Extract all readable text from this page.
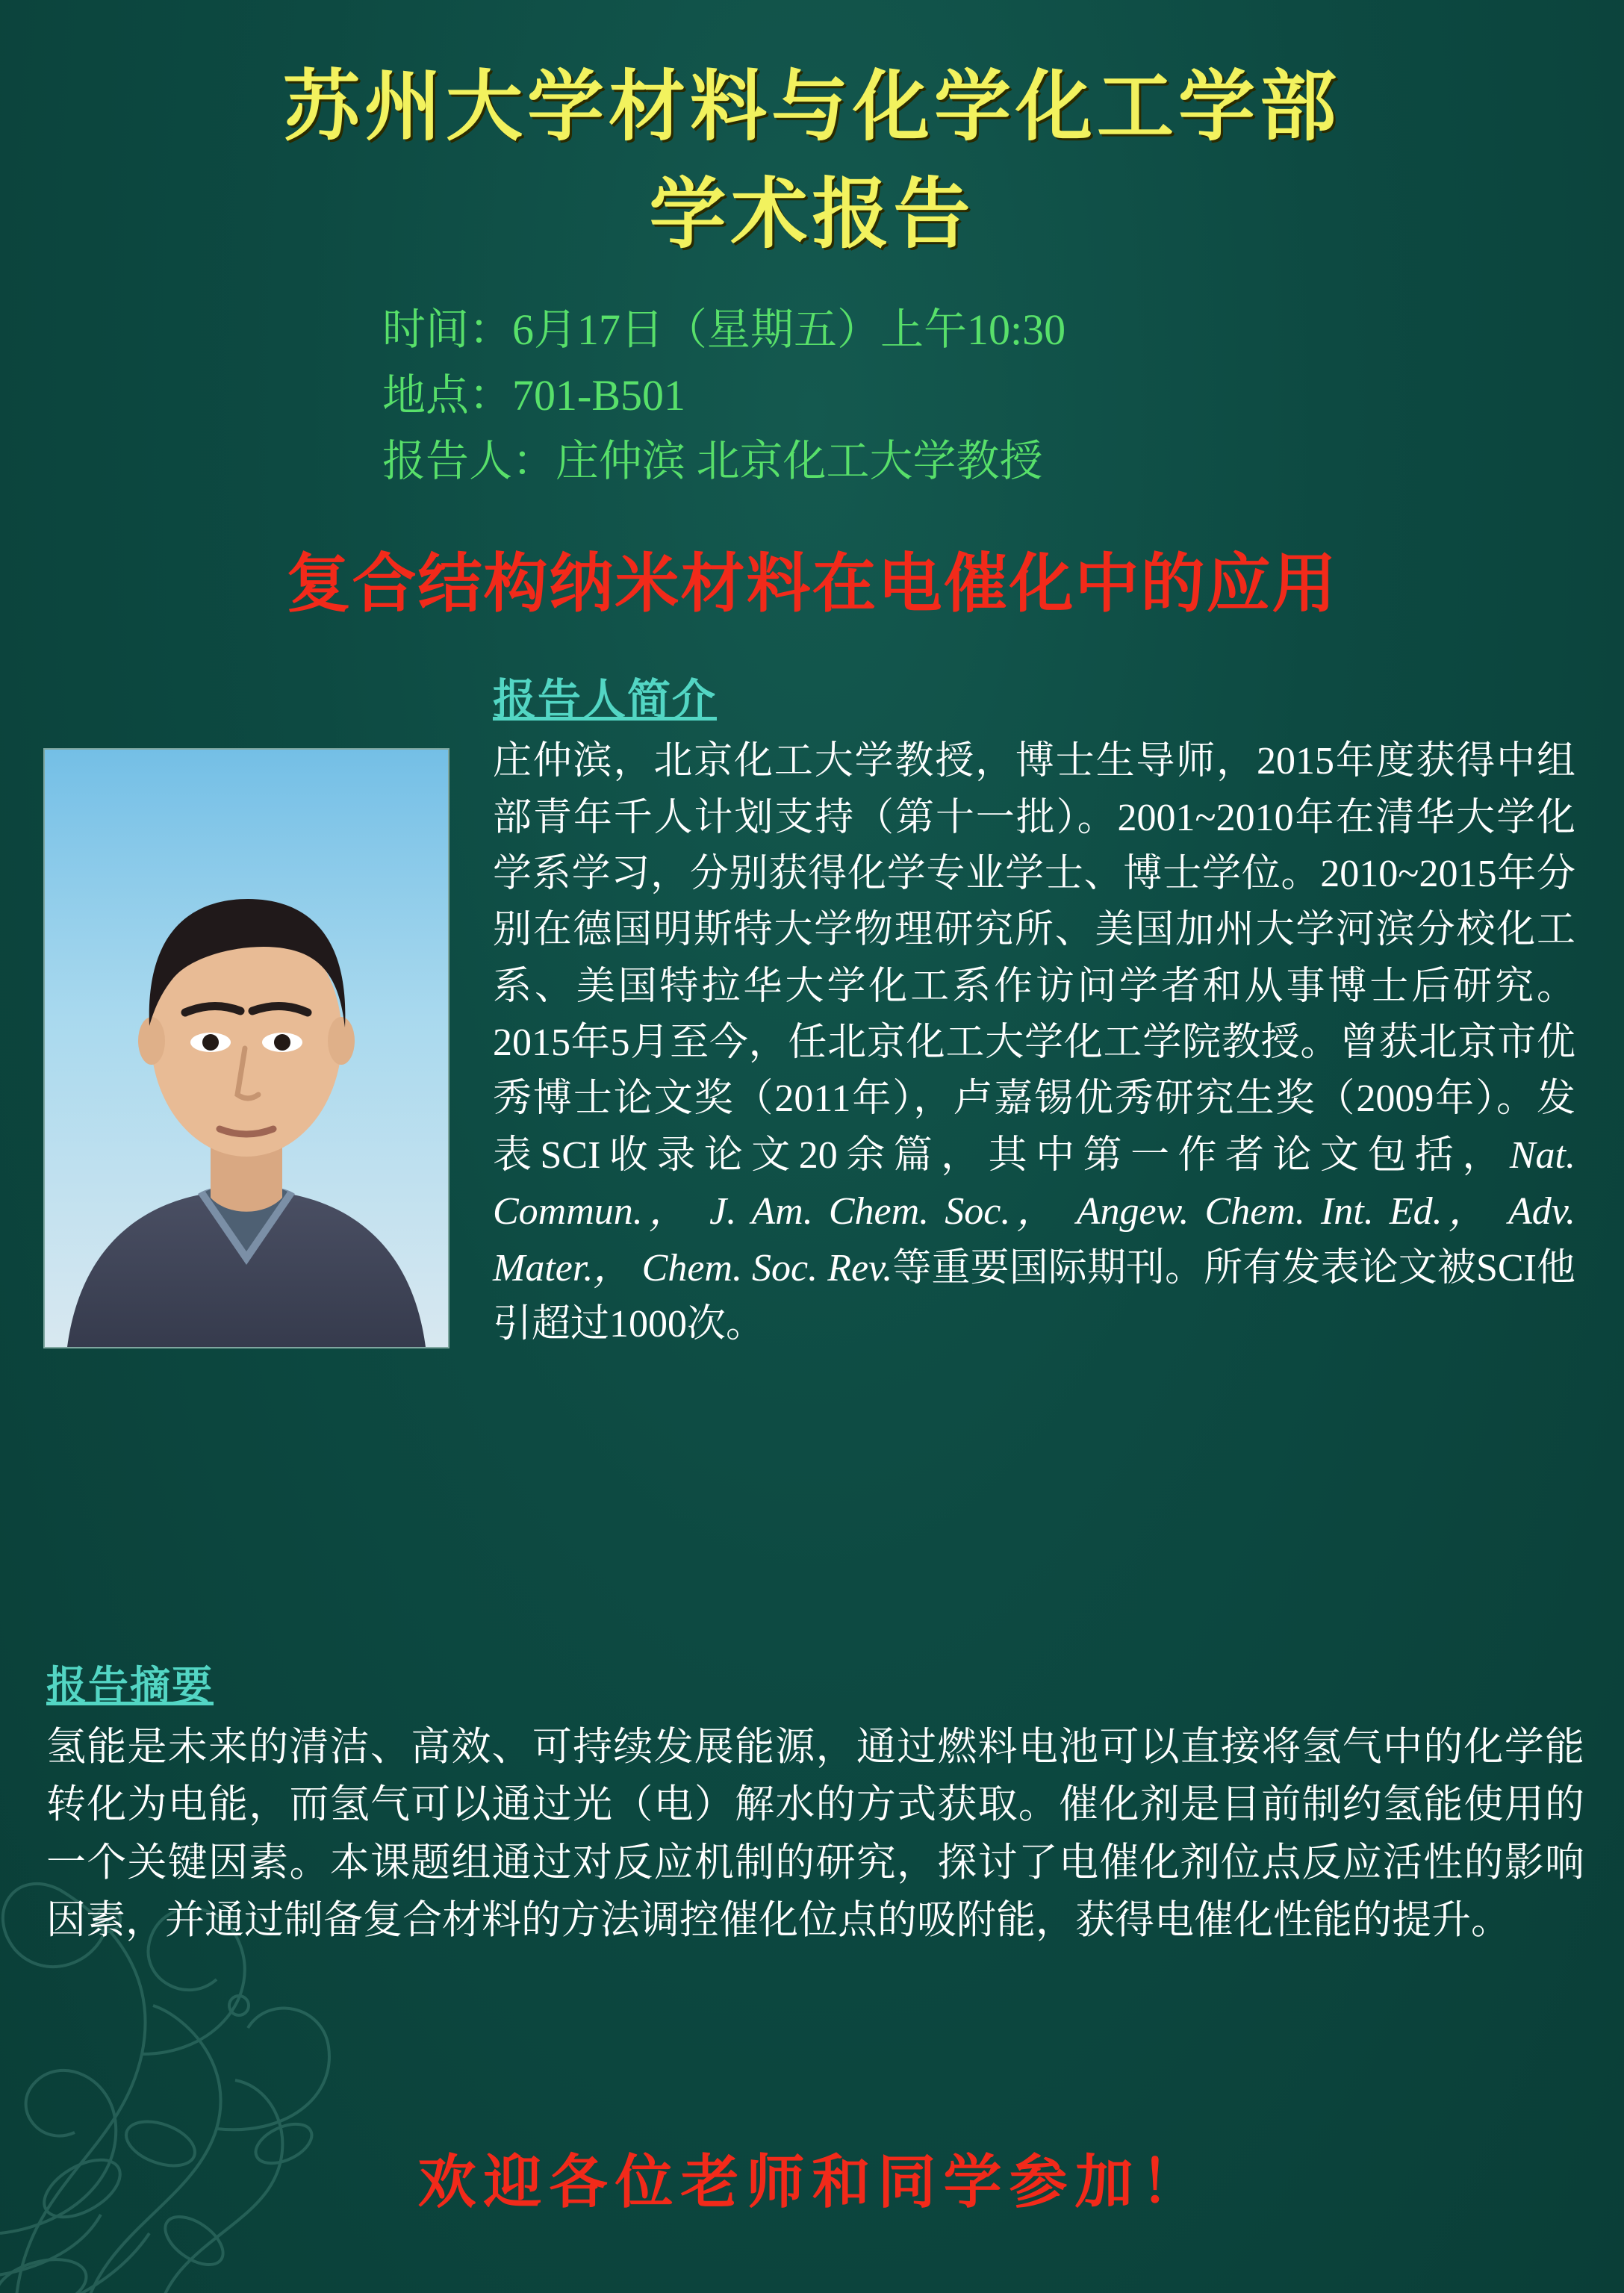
苏州大学材料与化学化工学部
学术报告
时间：6月17日（星期五）上午10:30
地点：701-B501
报告人：庄仲滨 北京化工大学教授
复合结构纳米材料在电催化中的应用
报告人简介
庄仲滨，北京化工大学教授，博士生导师，2015年度获得中组部青年千人计划支持（第十一批）。2001~2010年在清华大学化学系学习，分别获得化学专业学士、博士学位。2010~2015年分别在德国明斯特大学物理研究所、美国加州大学河滨分校化工系、美国特拉华大学化工系作访问学者和从事博士后研究。2015年5月至今，任北京化工大学化工学院教授。曾获北京市优秀博士论文奖（2011年），卢嘉锡优秀研究生奖（2009年）。发表SCI收录论文20余篇，其中第一作者论文包括，Nat. Commun.， J. Am. Chem. Soc.， Angew. Chem. Int. Ed.， Adv. Mater.， Chem. Soc. Rev.等重要国际期刊。所有发表论文被SCI他引超过1000次。
报告摘要
氢能是未来的清洁、高效、可持续发展能源，通过燃料电池可以直接将氢气中的化学能转化为电能，而氢气可以通过光（电）解水的方式获取。催化剂是目前制约氢能使用的一个关键因素。本课题组通过对反应机制的研究，探讨了电催化剂位点反应活性的影响因素，并通过制备复合材料的方法调控催化位点的吸附能，获得电催化性能的提升。
欢迎各位老师和同学参加！
